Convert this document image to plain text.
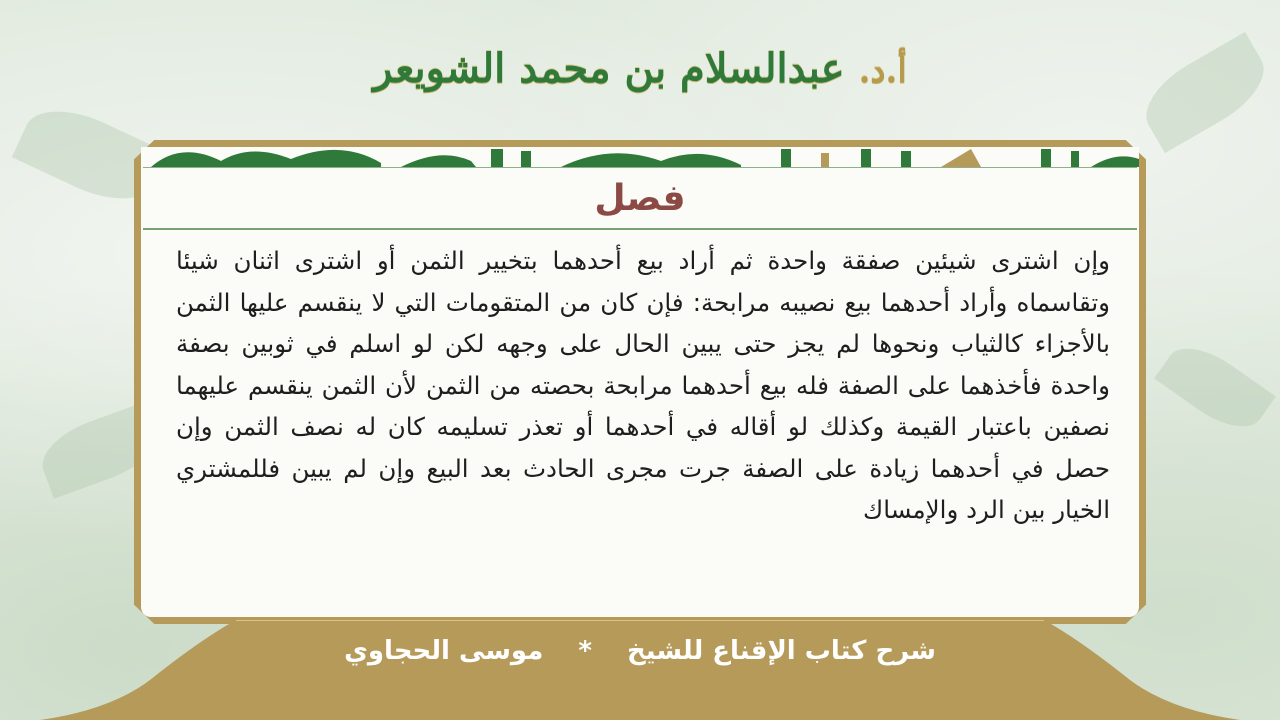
أ.د.
عبدالسلام بن محمد الشويعر
فصل

وإن اشترى شيئين صفقة واحدة ثم أراد بيع أحدهما بتخيير الثمن أو اشترى اثنان شيئا وتقاسماه وأراد أحدهما بيع نصيبه مرابحة: فإن كان من المتقومات التي لا ينقسم عليها الثمن بالأجزاء كالثياب ونحوها لم يجز حتى يبين الحال على وجهه لكن لو اسلم في ثوبين بصفة واحدة فأخذهما على الصفة فله بيع أحدهما مرابحة بحصته من الثمن لأن الثمن ينقسم عليهما نصفين باعتبار القيمة وكذلك لو أقاله في أحدهما أو تعذر تسليمه كان له نصف الثمن وإن حصل في أحدهما زيادة على الصفة جرت مجرى الحادث بعد البيع وإن لم يبين فللمشتري الخيار بين الرد والإمساك

شرح كتاب الإقناع للشيخ * موسى الحجاوي
